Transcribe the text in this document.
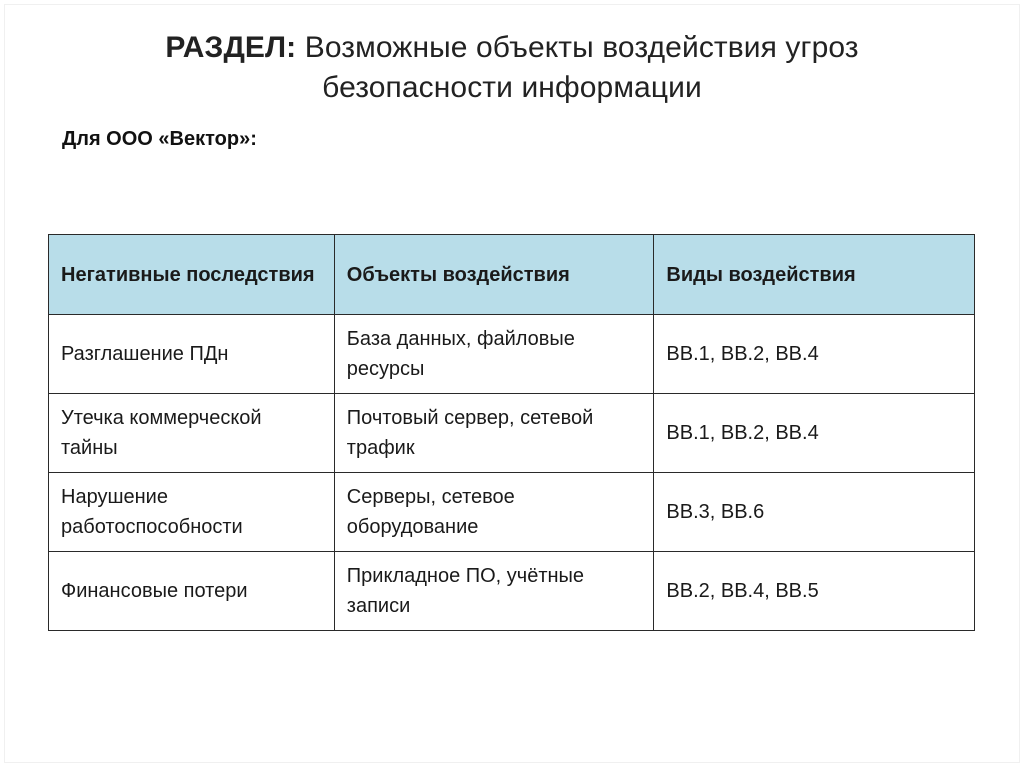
РАЗДЕЛ: Возможные объекты воздействия угроз
безопасности информации
Для ООО «Вектор»:
Негативные последствия	Объекты воздействия	Виды воздействия
Разглашение ПДн	База данных, файловые ресурсы	ВВ.1, ВВ.2, ВВ.4
Утечка коммерческой тайны	Почтовый сервер, сетевой трафик	ВВ.1, ВВ.2, ВВ.4
Нарушение работоспособности	Серверы, сетевое оборудование	ВВ.3, ВВ.6
Финансовые потери	Прикладное ПО, учётные записи	ВВ.2, ВВ.4, ВВ.5
